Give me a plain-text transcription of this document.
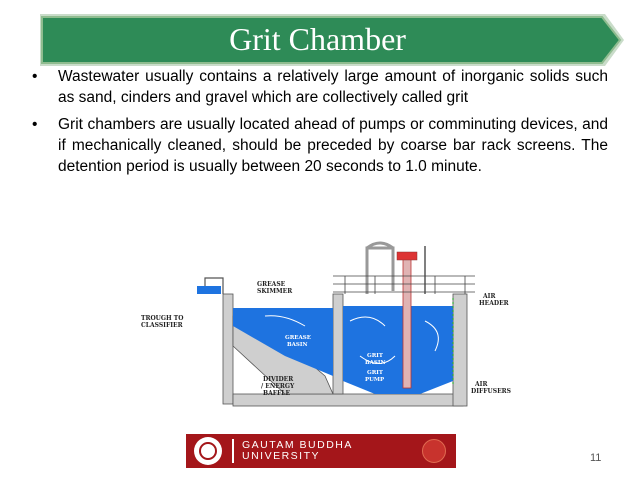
Grit Chamber
• Wastewater usually contains a relatively large amount of inorganic solids such as sand, cinders and gravel which are collectively called grit
• Grit chambers are usually located ahead of pumps or comminuting devices, and if mechanically cleaned, should be preceded by coarse bar rack screens. The detention period is usually between 20 seconds to 1.0 minute.
GREASE
SKIMMER
TROUGH TO
CLASSIFIER
GREASE
BASIN
GRIT
BASIN
GRIT
PUMP
DIVIDER
/ ENERGY
BAFFLE
AIR
HEADER
AIR
DIFFUSERS
GAUTAM BUDDHA
UNIVERSITY	11
